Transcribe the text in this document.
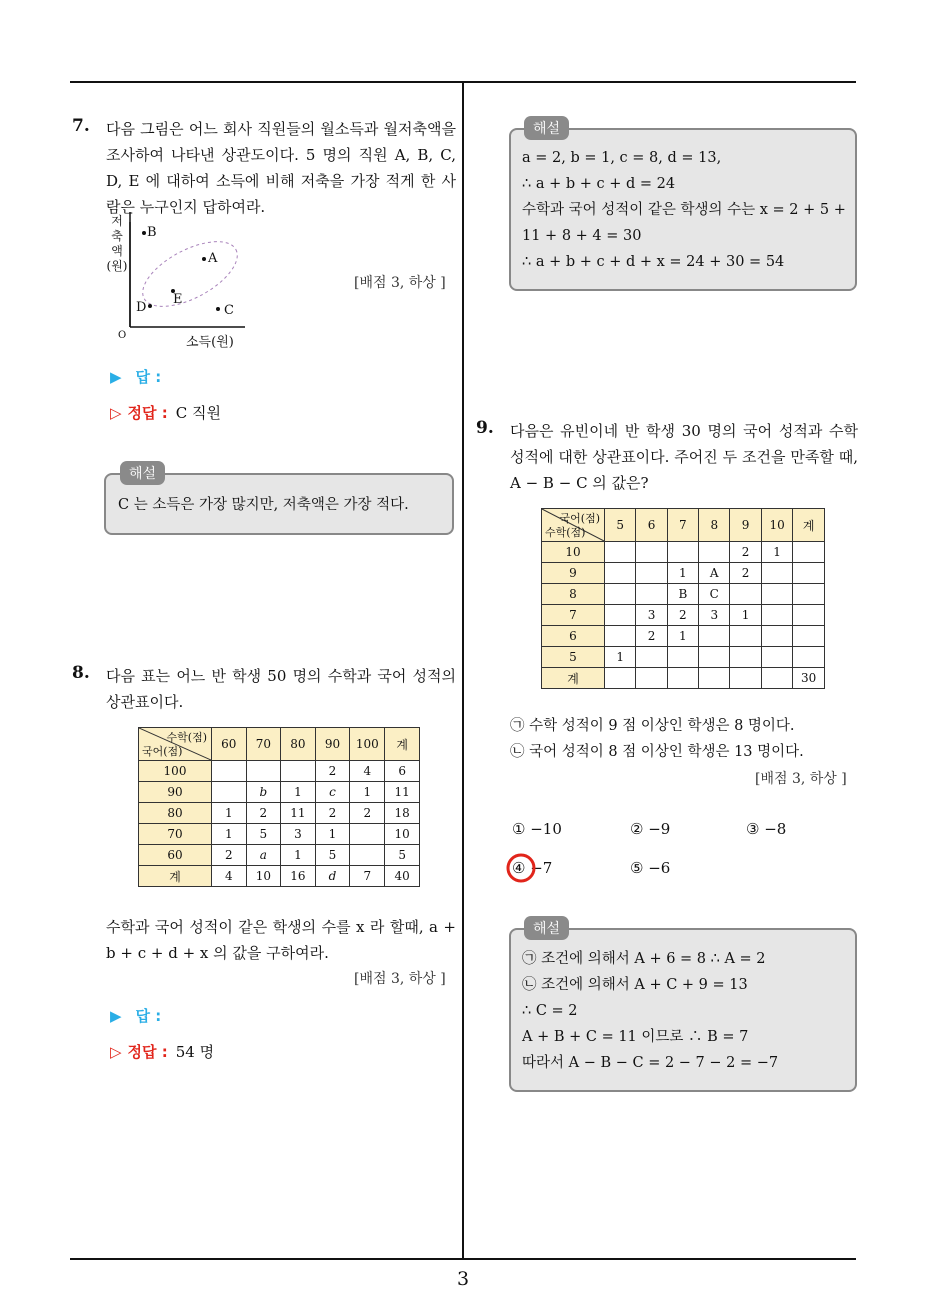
3
7. 다음 그림은 어느 회사 직원들의 월소득과 월저축액을 조사하여 나타낸 상관도이다. 5 명의 직원 A, B, C, D, E 에 대하여 소득에 비해 저축을 가장 적게 한 사람은 누구인지 답하여라.
B
A
E
D	C
O	소득(원)
저
축
액
(원)
[배점 3, 하상 ]
▶ 답 :
▷ 정답 : C 직원
해설
C 는 소득은 가장 많지만, 저축액은 가장 적다.
8. 다음 표는 어느 반 학생 50 명의 수학과 국어 성적의 상관표이다.
수학(점)
국어(점)	60	70	80	90	100	계
100				2	4	6
90		b	1	c	1	11
80	1	2	11	2	2	18
70	1	5	3	1		10
60	2	a	1	5		5
계	4	10	16	d	7	40
수학과 국어 성적이 같은 학생의 수를 x 라 할때, a + b + c + d + x 의 값을 구하여라.
[배점 3, 하상 ]
▶ 답 :
▷ 정답 : 54 명
해설
a = 2, b = 1, c = 8, d = 13,
∴ a + b + c + d = 24
수학과 국어 성적이 같은 학생의 수는 x = 2 + 5 +
11 + 8 + 4 = 30
∴ a + b + c + d + x = 24 + 30 = 54
9. 다음은 유빈이네 반 학생 30 명의 국어 성적과 수학 성적에 대한 상관표이다. 주어진 두 조건을 만족할 때, A − B − C 의 값은?
국어(점)
수학(점)	5	6	7	8	9	10	계
10					2	1	
9			1	A	2		
8			B	C			
7		3	2	3	1		
6		2	1				
5	1						
계							30
㉠ 수학 성적이 9 점 이상인 학생은 8 명이다.
㉡ 국어 성적이 8 점 이상인 학생은 13 명이다.
[배점 3, 하상 ]
① −10	② −9	③ −8
④ −7	⑤ −6
해설
㉠ 조건에 의해서 A + 6 = 8 ∴ A = 2
㉡ 조건에 의해서 A + C + 9 = 13
∴ C = 2
A + B + C = 11 이므로 ∴ B = 7
따라서 A − B − C = 2 − 7 − 2 = −7
